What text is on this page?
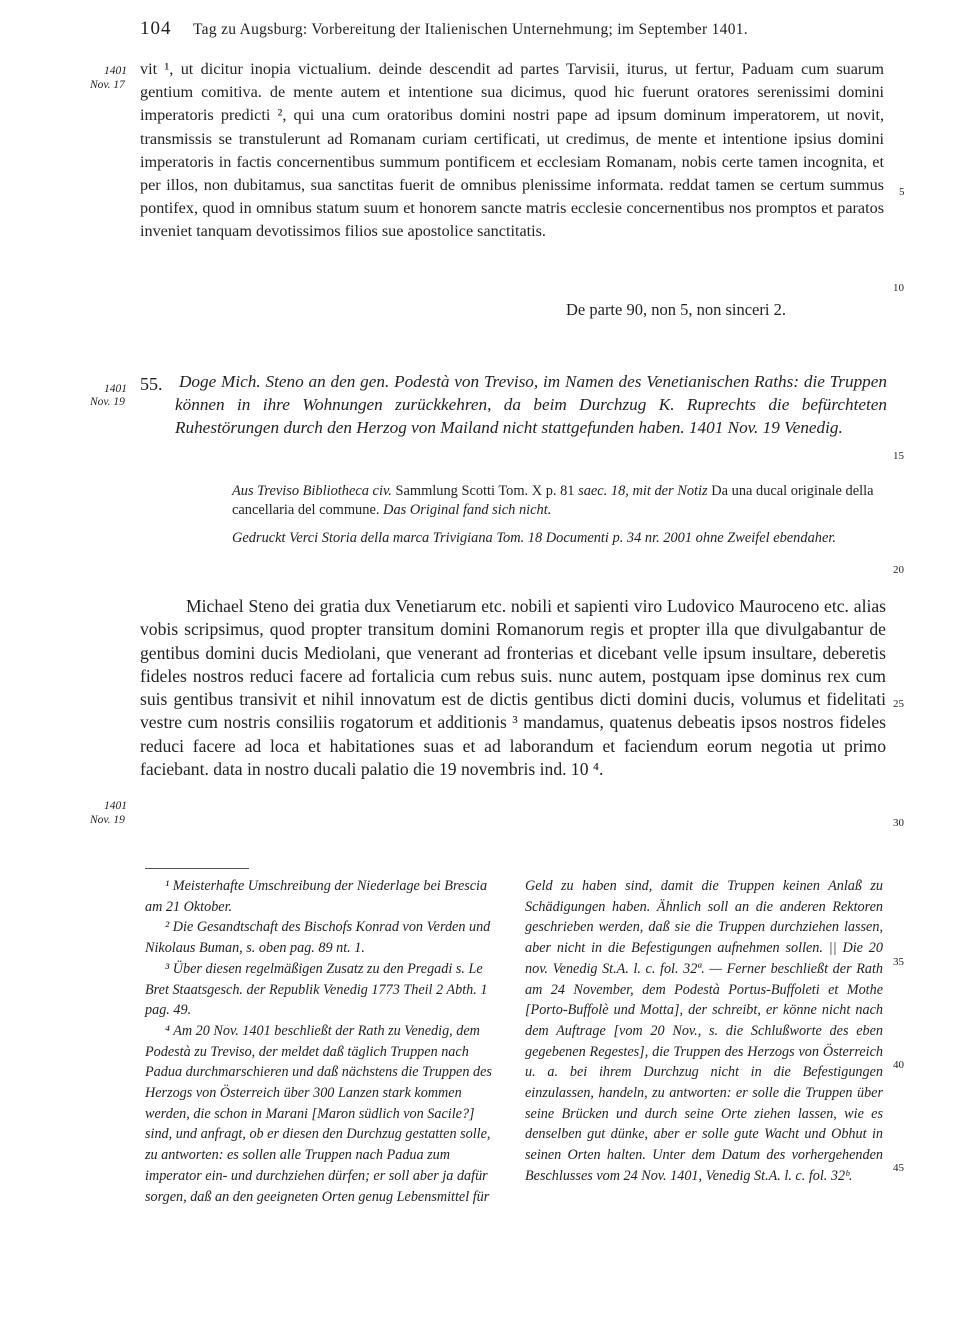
104 Tag zu Augsburg: Vorbereitung der Italienischen Unternehmung; im September 1401.
1401
Nov. 17

vit ¹, ut dicitur inopia victualium. deinde descendit ad partes Tarvisii, iturus, ut fertur, Paduam cum suarum gentium comitiva. de mente autem et intentione sua dicimus, quod hic fuerunt oratores serenissimi domini imperatoris predicti ², qui una cum oratoribus domini nostri pape ad ipsum dominum imperatorem, ut novit, transmissis se transtulerunt ad Romanam curiam certificati, ut credimus, de mente et intentione ipsius domini imperatoris in factis concernentibus summum pontificem et ecclesiam Romanam, nobis certe tamen incognita, et per illos, non dubitamus, sua sanctitas fuerit de omnibus plenissime informata. reddat tamen se certum summus pontifex, quod in omnibus statum suum et honorem sancte matris ecclesie concernentibus nos promptos et paratos inveniet tanquam devotissimos filios sue apostolice sanctitatis.

De parte 90, non 5, non sinceri 2.
5
10
15
20
25
30
35
40
45
1401
Nov. 19
55. Doge Mich. Steno an den gen. Podestà von Treviso, im Namen des Venetianischen Raths: die Truppen können in ihre Wohnungen zurückkehren, da beim Durchzug K. Ruprechts die befürchteten Ruhestörungen durch den Herzog von Mailand nicht stattgefunden haben. 1401 Nov. 19 Venedig.

Aus Treviso Bibliotheca civ. Sammlung Scotti Tom. X p. 81 saec. 18, mit der Notiz Da una ducal originale della cancellaria del commune. Das Original fand sich nicht.

Gedruckt Verci Storia della marca Trivigiana Tom. 18 Documenti p. 34 nr. 2001 ohne Zweifel ebendaher.

Michael Steno dei gratia dux Venetiarum etc. nobili et sapienti viro Ludovico Mauroceno etc. alias vobis scripsimus, quod propter transitum domini Romanorum regis et propter illa que divulgabantur de gentibus domini ducis Mediolani, que venerant ad fronterias et dicebant velle ipsum insultare, deberetis fideles nostros reduci facere ad fortalicia cum rebus suis. nunc autem, postquam ipse dominus rex cum suis gentibus transivit et nihil innovatum est de dictis gentibus dicti domini ducis, volumus et fidelitati vestre cum nostris consiliis rogatorum et additionis ³ mandamus, quatenus debeatis ipsos nostros fideles reduci facere ad loca et habitationes suas et ad laborandum et faciendum eorum negotia ut primo faciebant. data in nostro ducali palatio die 19 novembris ind. 10 ⁴.
1401
Nov. 19

¹ Meisterhafte Umschreibung der Niederlage bei Brescia am 21 Oktober.

² Die Gesandtschaft des Bischofs Konrad von Verden und Nikolaus Buman, s. oben pag. 89 nt. 1.

³ Über diesen regelmäßigen Zusatz zu den Pregadi s. Le Bret Staatsgesch. der Republik Venedig 1773 Theil 2 Abth. 1 pag. 49.

⁴ Am 20 Nov. 1401 beschließt der Rath zu Venedig, dem Podestà zu Treviso, der meldet daß täglich Truppen nach Padua durchmarschieren und daß nächstens die Truppen des Herzogs von Österreich über 300 Lanzen stark kommen werden, die schon in Marani [Maron südlich von Sacile?] sind, und anfragt, ob er diesen den Durchzug gestatten solle, zu antworten: es sollen alle Truppen nach Padua zum imperator ein- und durchziehen dürfen; er soll aber ja dafür sorgen, daß an den geeigneten Orten genug Lebensmittel für

Geld zu haben sind, damit die Truppen keinen Anlaß zu Schädigungen haben. Ähnlich soll an die anderen Rektoren geschrieben werden, daß sie die Truppen durchziehen lassen, aber nicht in die Befestigungen aufnehmen sollen. || Die 20 nov. Venedig St.A. l. c. fol. 32ª. — Ferner beschließt der Rath am 24 November, dem Podestà Portus-Buffoleti et Mothe [Porto-Buffolè und Motta], der schreibt, er könne nicht nach dem Auftrage [vom 20 Nov., s. die Schlußworte des eben gegebenen Regestes], die Truppen des Herzogs von Österreich u. a. bei ihrem Durchzug nicht in die Befestigungen einzulassen, handeln, zu antworten: er solle die Truppen über seine Brücken und durch seine Orte ziehen lassen, wie es denselben gut dünke, aber er solle gute Wacht und Obhut in seinen Orten halten. Unter dem Datum des vorhergehenden Beschlusses vom 24 Nov. 1401, Venedig St.A. l. c. fol. 32ᵇ.
